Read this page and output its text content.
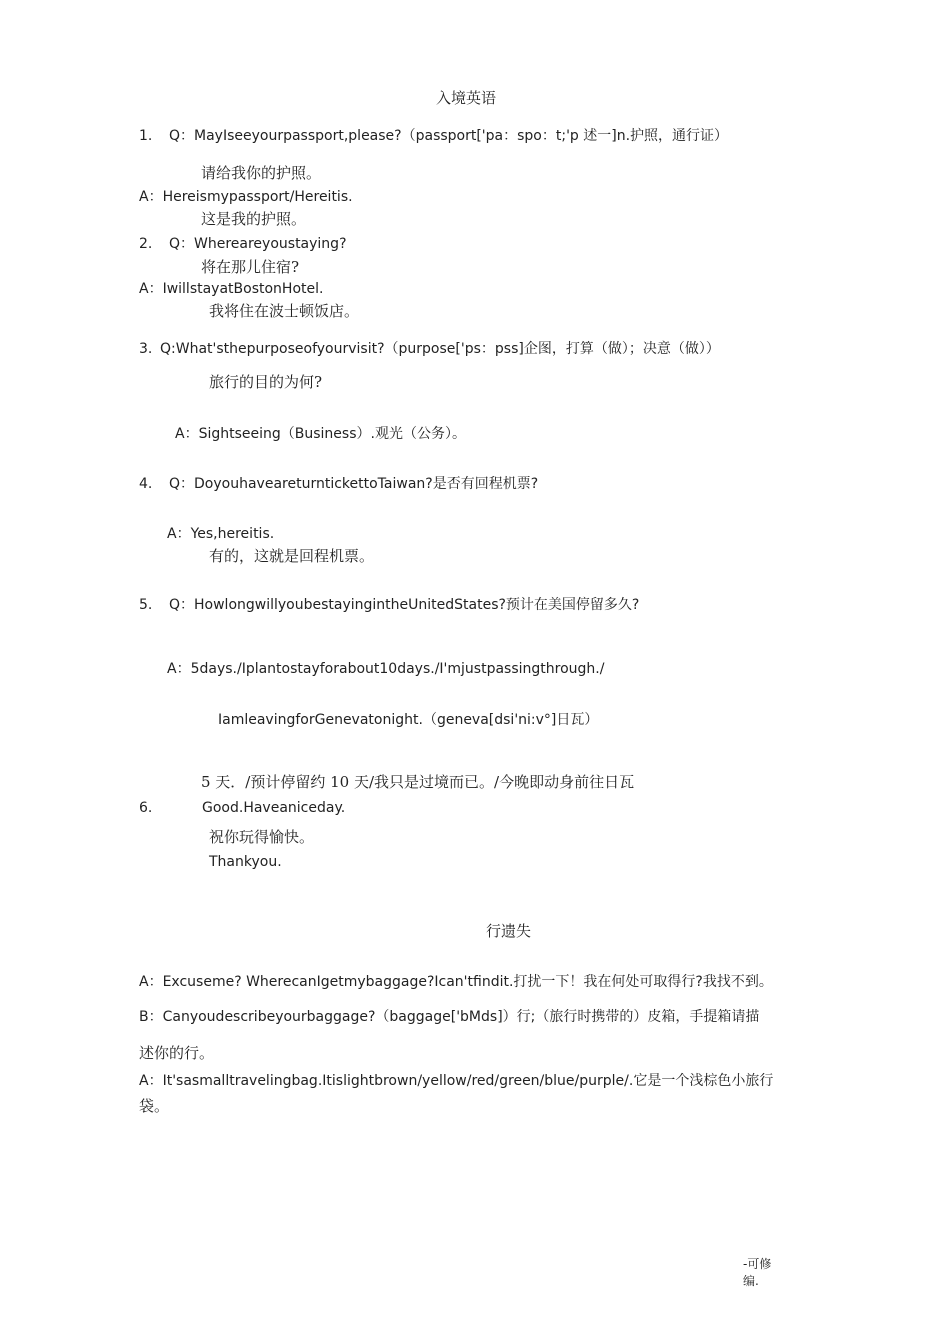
入境英语
1. Q：MayIseeyourpassport,please?（passport['pa：spo：t;'p 述一]n.护照，通行证）
请给我你的护照。
A：Hereismypassport/Hereitis.
这是我的护照。
2. Q：Whereareyoustaying?
将在那儿住宿?
A：IwillstayatBostonHotel.
我将住在波士顿饭店。
3. Q:What'sthepurposeofyourvisit?（purpose['ps：pss]企图，打算（做）；决意（做））
旅行的目的为何?
A：Sightseeing（Business）.观光（公务）。
4. Q：DoyouhaveareturntickettoTaiwan?是否有回程机票?
A：Yes,hereitis.
有的，这就是回程机票。
5. Q：HowlongwillyoubestayingintheUnitedStates?预计在美国停留多久?
A：5days./Iplantostayforabout10days./I'mjustpassingthrough./
IamleavingforGenevatonight.（geneva[dsi'ni:v°]日瓦）
5 天．/预计停留约 10 天/我只是过境而已。/今晚即动身前往日瓦
6.	Good.Haveaniceday.
祝你玩得愉快。
Thankyou.
行遗失
A：Excuseme? WherecanIgetmybaggage?Ican'tfindit.打扰一下！我在何处可取得行?我找不到。
B：Canyoudescribeyourbaggage?（baggage['bMds]）行;（旅行时携带的）皮箱，手提箱请描
述你的行。
A：It'sasmalltravelingbag.Itislightbrown/yellow/red/green/blue/purple/.它是一个浅棕色小旅行
袋。
-可修
编.
